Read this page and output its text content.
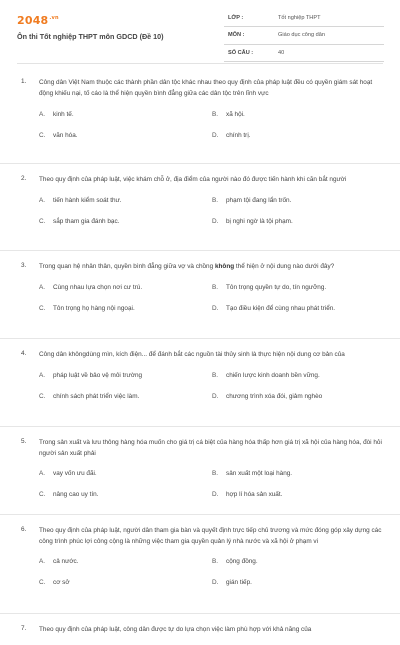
$2048^{.vn}$
Ôn thi Tốt nghiệp THPT môn GDCD (Đề 10)
LỚP :	Tốt nghiệp THPT
MÔN :	Giáo dục công dân
SỐ CÂU :	40
1. Công dân Việt Nam thuộc các thành phần dân tộc khác nhau theo quy định của pháp luật đều có quyền giám sát hoạt động khiếu nại, tố cáo là thể hiện quyền bình đẳng giữa các dân tộc trên lĩnh vực

A.	kinh tế.	B.	xã hội.
C.	văn hóa.	D.	chính trị.
2. Theo quy định của pháp luật, việc khám chỗ ở, địa điểm của người nào đó được tiến hành khi căn bắt người

A.	tiến hành kiểm soát thư.	B.	phạm tội đang lẩn trốn.
C.	sắp tham gia đánh bạc.	D.	bị nghi ngờ là tội phạm.
3. Trong quan hệ nhân thân, quyền bình đẳng giữa vợ và chồng không thể hiện ở nội dung nào dưới đây?

A.	Cùng nhau lựa chọn nơi cư trú.	B.	Tôn trọng quyền tự do, tín ngưỡng.
C.	Tôn trọng họ hàng nội ngoại.	D.	Tạo điều kiện để cùng nhau phát triển.
4. Công dân khôngdùng mìn, kích điện... để đánh bắt các nguồn tài thủy sinh là thực hiện nội dung cơ bản của

A.	pháp luật về bảo vệ môi trường	B.	chiến lược kinh doanh bền vững.
C.	chính sách phát triển việc làm.	D.	chương trình xóa đói, giảm nghèo
5. Trong sản xuất và lưu thông hàng hóa muốn cho giá trị cá biệt của hàng hóa thấp hơn giá trị xã hội của hàng hóa, đòi hỏi người sản xuất phải

A.	vay vốn ưu đãi.	B.	sản xuất một loại hàng.
C.	nâng cao uy tín.	D.	hợp lí hóa sản xuất.
6. Theo quy định của pháp luật, người dân tham gia bàn và quyết định trực tiếp chủ trương và mức đóng góp xây dựng các công trình phúc lợi công cộng là những việc tham gia quyền quản lý nhà nước và xã hội ở phạm vi

A.	cả nước.	B.	cộng đồng.
C.	cơ sở	D.	gián tiếp.
7. Theo quy định của pháp luật, công dân được tự do lựa chọn việc làm phù hợp với khả năng của
